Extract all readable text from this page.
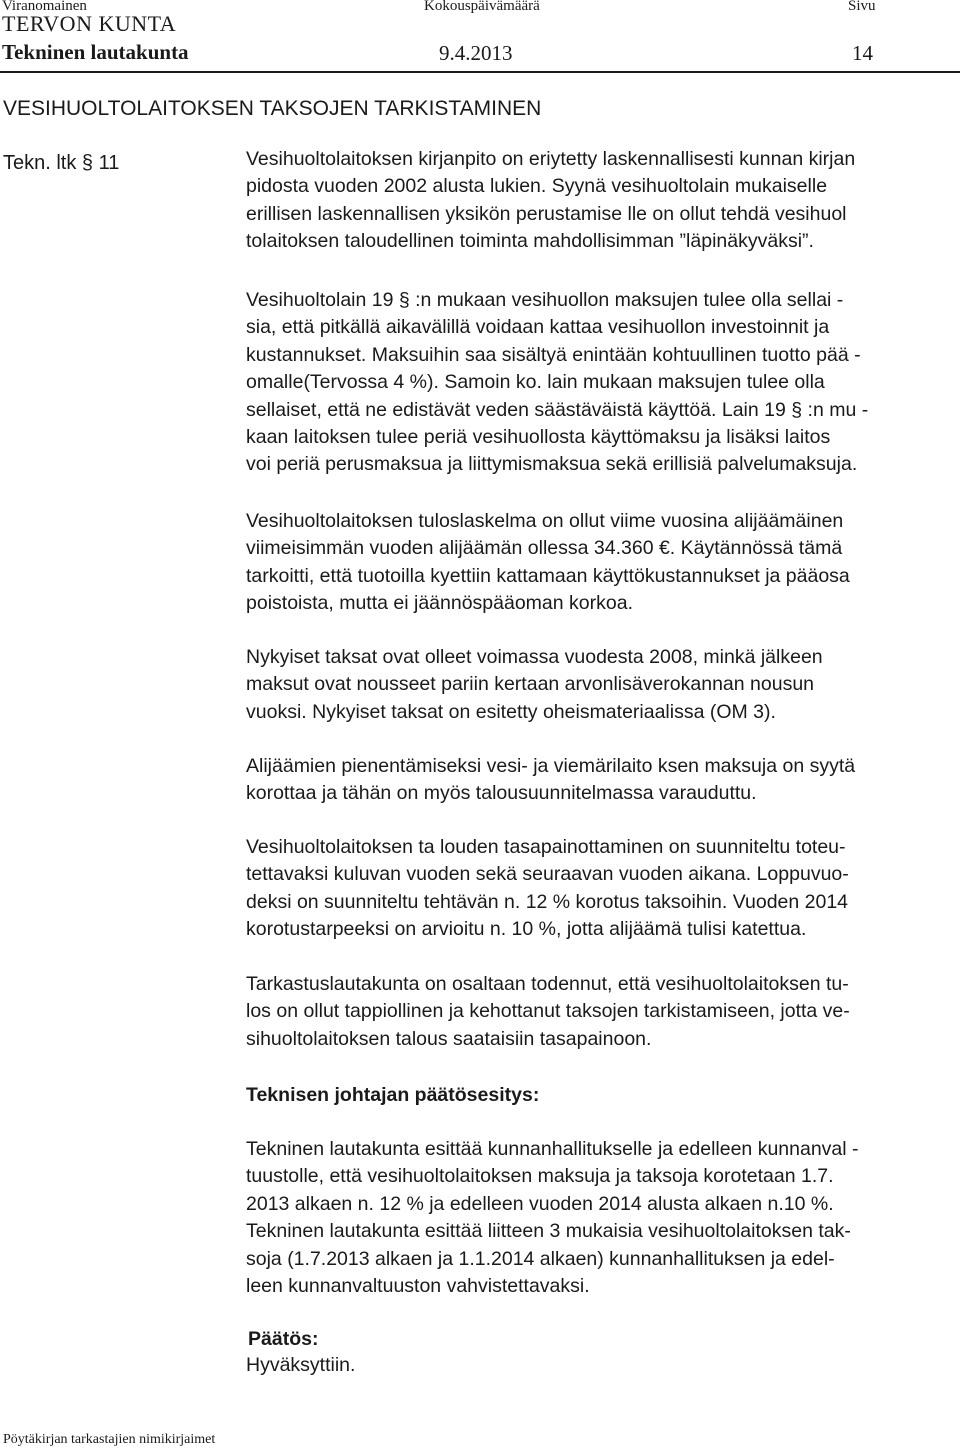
Viranomainen	Kokouspäivämäärä	Sivu
TERVON KUNTA
Tekninen lautakunta	9.4.2013	14
VESIHUOLTOLAITOKSEN TAKSOJEN TARKISTAMINEN
Tekn. ltk § 11	Vesihuoltolaitoksen kirjanpito on eriytetty laskennallisesti kunnan kirjan
pidosta vuoden 2002 alusta lukien. Syynä vesihuoltolain mukaiselle
erillisen laskennallisen yksikön perustamise lle on ollut tehdä vesihuol
tolaitoksen taloudellinen toiminta mahdollisimman ”läpinäkyväksi”.
Vesihuoltolain 19 § :n mukaan vesihuollon maksujen tulee olla sellai -
sia, että pitkällä aikavälillä voidaan kattaa vesihuollon investoinnit ja
kustannukset. Maksuihin saa sisältyä enintään kohtuullinen tuotto pää -
omalle(Tervossa 4 %). Samoin ko. lain mukaan maksujen tulee olla
sellaiset, että ne edistävät veden säästäväistä käyttöä. Lain 19 § :n mu -
kaan laitoksen tulee periä vesihuollosta käyttömaksu ja lisäksi laitos
voi periä perusmaksua ja liittymismaksua sekä erillisiä palvelumaksuja.
Vesihuoltolaitoksen tuloslaskelma on ollut viime vuosina alijäämäinen
viimeisimmän vuoden alijäämän ollessa 34.360 €. Käytännössä tämä
tarkoitti, että tuotoilla kyettiin kattamaan käyttökustannukset ja pääosa
poistoista, mutta ei jäännöspääoman korkoa.
Nykyiset taksat ovat olleet voimassa vuodesta 2008, minkä jälkeen
maksut ovat nousseet pariin kertaan arvonlisäverokannan nousun
vuoksi. Nykyiset taksat on esitetty oheismateriaalissa (OM 3).
Alijäämien pienentämiseksi vesi- ja viemärilaito ksen maksuja on syytä
korottaa ja tähän on myös talousuunnitelmassa varauduttu.
Vesihuoltolaitoksen ta louden tasapainottaminen on suunniteltu toteu-
tettavaksi kuluvan vuoden sekä seuraavan vuoden aikana. Loppuvuo-
deksi on suunniteltu tehtävän n. 12 % korotus taksoihin. Vuoden 2014
korotustarpeeksi on arvioitu n. 10 %, jotta alijäämä tulisi katettua.
Tarkastuslautakunta on osaltaan todennut, että vesihuoltolaitoksen tu-
los on ollut tappiollinen ja kehottanut taksojen tarkistamiseen, jotta ve-
sihuoltolaitoksen talous saataisiin tasapainoon.
Teknisen johtajan päätösesitys:
Tekninen lautakunta esittää kunnanhallitukselle ja edelleen kunnanval -
tuustolle, että vesihuoltolaitoksen maksuja ja taksoja korotetaan 1.7.
2013 alkaen n. 12 % ja edelleen vuoden 2014 alusta alkaen n.10 %.
Tekninen lautakunta esittää liitteen 3 mukaisia vesihuoltolaitoksen tak-
soja (1.7.2013 alkaen ja 1.1.2014 alkaen) kunnanhallituksen ja edel-
leen kunnanvaltuuston vahvistettavaksi.
Päätös:
Hyväksyttiin.
Pöytäkirjan tarkastajien nimikirjaimet
